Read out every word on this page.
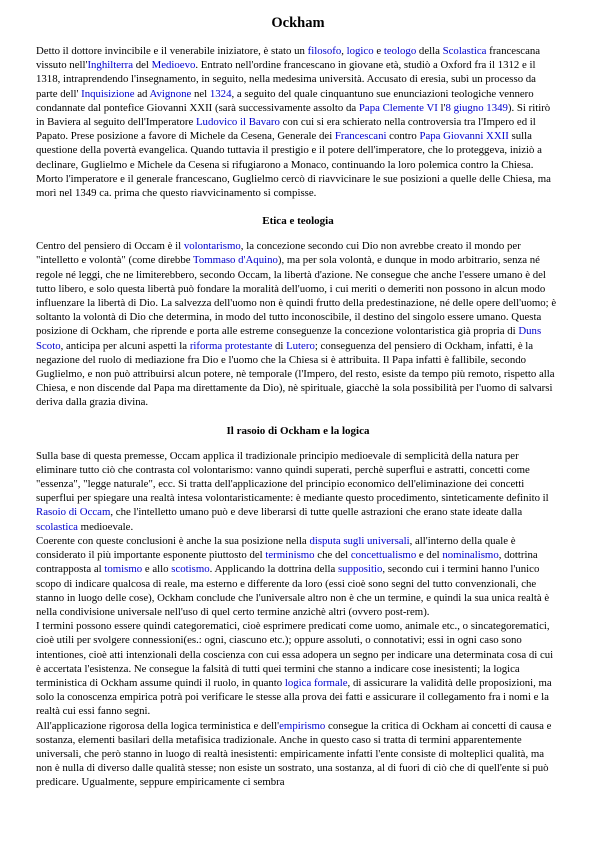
Ockham

Detto il dottore invincibile e il venerabile iniziatore, è stato un filosofo, logico e teologo della Scolastica francescana vissuto nell'Inghilterra del Medioevo. Entrato nell'ordine francescano in giovane età, studiò a Oxford fra il 1312 e il 1318, intraprendendo l'insegnamento, in seguito, nella medesima università. Accusato di eresia, subì un processo da parte dell' Inquisizione ad Avignone nel 1324, a seguito del quale cinquantuno sue enunciazioni teologiche vennero condannate dal pontefice Giovanni XXII (sarà successivamente assolto da Papa Clemente VI l'8 giugno 1349). Si ritirò in Baviera al seguito dell'Imperatore Ludovico il Bavaro con cui si era schierato nella controversia tra l'Impero ed il Papato. Prese posizione a favore di Michele da Cesena, Generale dei Francescani contro Papa Giovanni XXII sulla questione della povertà evangelica. Quando tuttavia il prestigio e il potere dell'imperatore, che lo proteggeva, iniziò a declinare, Guglielmo e Michele da Cesena si rifugiarono a Monaco, continuando la loro polemica contro la Chiesa. Morto l'imperatore e il generale francescano, Guglielmo cercò di riavvicinare le sue posizioni a quelle delle Chiesa, ma morì nel 1349 ca. prima che questo riavvicinamento si compisse.

Etica e teologia

Centro del pensiero di Occam è il volontarismo, la concezione secondo cui Dio non avrebbe creato il mondo per "intelletto e volontà" (come direbbe Tommaso d'Aquino), ma per sola volontà, e dunque in modo arbitrario, senza né regole né leggi, che ne limiterebbero, secondo Occam, la libertà d'azione. Ne consegue che anche l'essere umano è del tutto libero, e solo questa libertà può fondare la moralità dell'uomo, i cui meriti o demeriti non possono in alcun modo influenzare la libertà di Dio. La salvezza dell'uomo non è quindi frutto della predestinazione, né delle opere dell'uomo; è soltanto la volontà di Dio che determina, in modo del tutto inconoscibile, il destino del singolo essere umano. Questa posizione di Ockham, che riprende e porta alle estreme conseguenze la concezione volontaristica già propria di Duns Scoto, anticipa per alcuni aspetti la riforma protestante di Lutero; conseguenza del pensiero di Ockham, infatti, è la negazione del ruolo di mediazione fra Dio e l'uomo che la Chiesa si è attribuita. Il Papa infatti è fallibile, secondo Guglielmo, e non può attribuirsi alcun potere, nè temporale (l'Impero, del resto, esiste da tempo più remoto, rispetto alla Chiesa, e non discende dal Papa ma direttamente da Dio), nè spirituale, giacchè la sola possibilità per l'uomo di salvarsi deriva dalla grazia divina.

Il rasoio di Ockham e la logica

Sulla base di questa premesse, Occam applica il tradizionale principio medioevale di semplicità della natura per eliminare tutto ciò che contrasta col volontarismo: vanno quindi superati, perchè superflui e astratti, concetti come "essenza", "legge naturale", ecc. Si tratta dell'applicazione del principio economico dell'eliminazione dei concetti superflui per spiegare una realtà intesa volontaristicamente: è mediante questo procedimento, sinteticamente definito il Rasoio di Occam, che l'intelletto umano può e deve liberarsi di tutte quelle astrazioni che erano state ideate dalla scolastica medioevale.

Coerente con queste conclusioni è anche la sua posizione nella disputa sugli universali, all'interno della quale è considerato il più importante esponente piuttosto del terminismo che del concettualismo e del nominalismo, dottrina contrapposta al tomismo e allo scotismo. Applicando la dottrina della suppositio, secondo cui i termini hanno l'unico scopo di indicare qualcosa di reale, ma esterno e differente da loro (essi cioè sono segni del tutto convenzionali, che stanno in luogo delle cose), Ockham conclude che l'universale altro non è che un termine, e quindi la sua unica realtà è nella condivisione universale nell'uso di quel certo termine anzichè altri (ovvero post-rem).

I termini possono essere quindi categorematici, cioè esprimere predicati come uomo, animale etc., o sincategorematici, cioè utili per svolgere connessioni(es.: ogni, ciascuno etc.); oppure assoluti, o connotativi; essi in ogni caso sono intentiones, cioè atti intenzionali della coscienza con cui essa adopera un segno per indicare una determinata cosa di cui è accertata l'esistenza. Ne consegue la falsità di tutti quei termini che stanno a indicare cose inesistenti; la logica terministica di Ockham assume quindi il ruolo, in quanto logica formale, di assicurare la validità delle proposizioni, ma solo la conoscenza empirica potrà poi verificare le stesse alla prova dei fatti e assicurare il collegamento fra i nomi e la realtà cui essi fanno segni.

All'applicazione rigorosa della logica terministica e dell'empirismo consegue la critica di Ockham ai concetti di causa e sostanza, elementi basilari della metafisica tradizionale. Anche in questo caso si tratta di termini apparentemente universali, che però stanno in luogo di realtà inesistenti: empiricamente infatti l'ente consiste di molteplici qualità, ma non è nulla di diverso dalle qualità stesse; non esiste un sostrato, una sostanza, al di fuori di ciò che di quell'ente si può predicare. Ugualmente, seppure empiricamente ci sembra
